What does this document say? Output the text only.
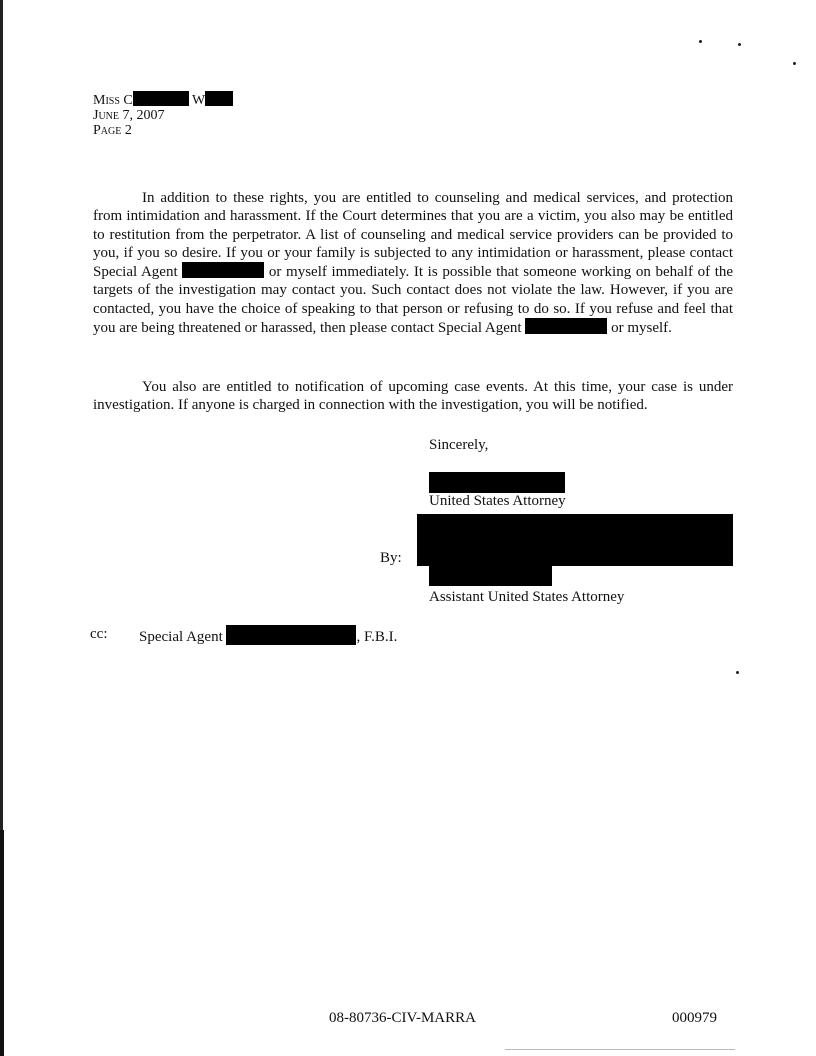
Miss C	W
June 7, 2007
Page 2

In addition to these rights, you are entitled to counseling and medical services, and protection from intimidation and harassment. If the Court determines that you are a victim, you also may be entitled to restitution from the perpetrator. A list of counseling and medical service providers can be provided to you, if you so desire. If you or your family is subjected to any intimidation or harassment, please contact Special Agent	or myself immediately. It is possible that someone working on behalf of the targets of the investigation may contact you. Such contact does not violate the law. However, if you are contacted, you have the choice of speaking to that person or refusing to do so. If you refuse and feel that you are being threatened or harassed, then please contact Special Agent	or myself.

You also are entitled to notification of upcoming case events. At this time, your case is under investigation. If anyone is charged in connection with the investigation, you will be notified.

Sincerely,
United States Attorney
By:
Assistant United States Attorney
cc: Special Agent	, F.B.I.
08-80736-CIV-MARRA	000979
